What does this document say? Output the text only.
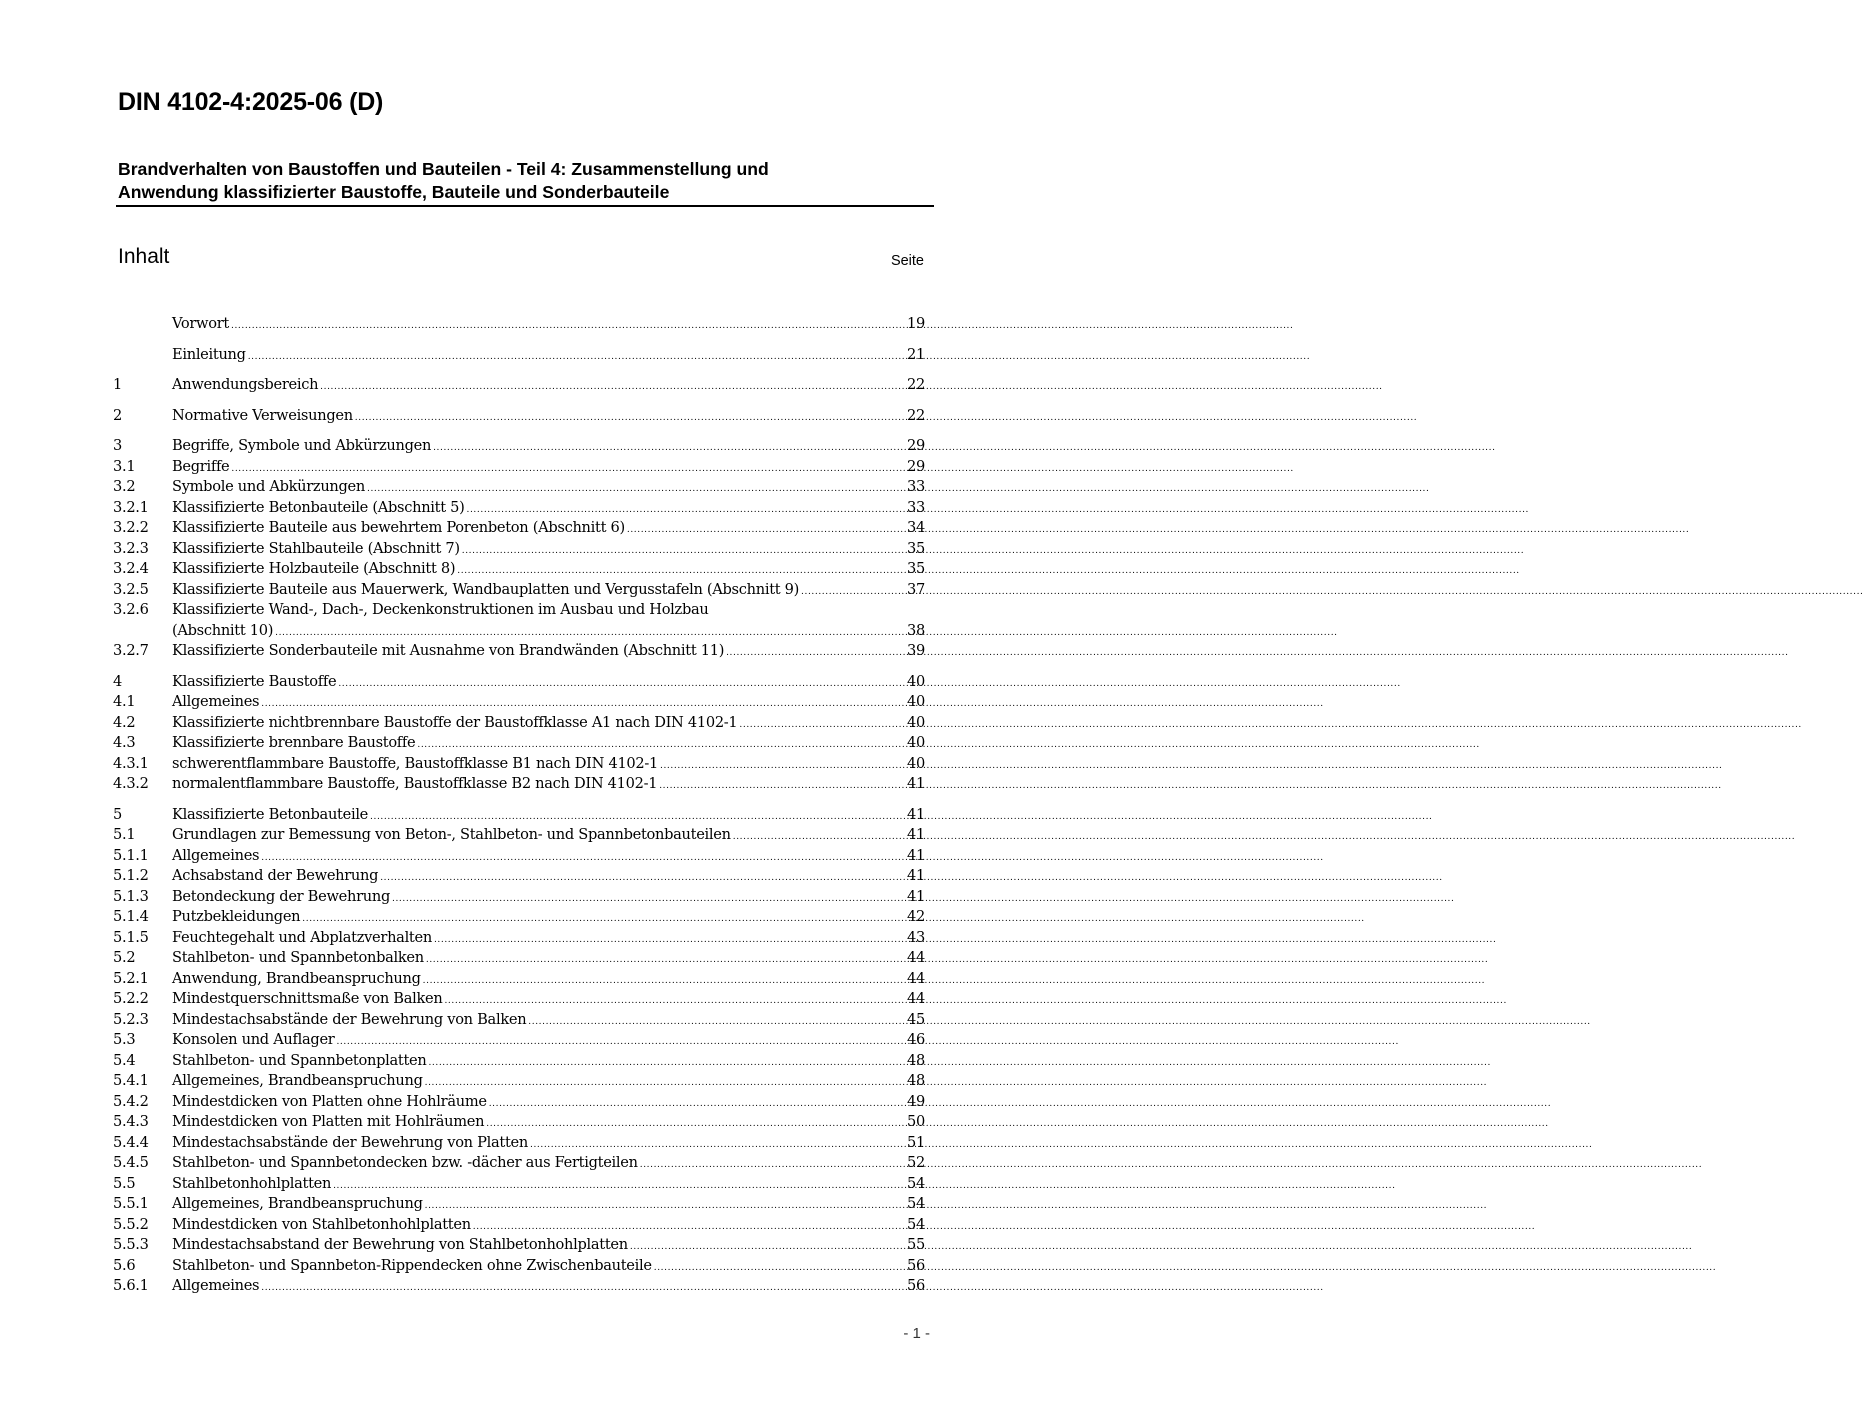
DIN 4102-4:2025-06 (D)
Brandverhalten von Baustoffen und Bauteilen - Teil 4: Zusammenstellung und
Anwendung klassifizierter Baustoffe, Bauteile und Sonderbauteile
Inhalt	Seite
Vorwort .....	19
Einleitung .....	21
1	Anwendungsbereich .....	22
2	Normative Verweisungen .....	22
3	Begriffe, Symbole und Abkürzungen .....	29
3.1	Begriffe .....	29
3.2	Symbole und Abkürzungen .....	33
3.2.1	Klassifizierte Betonbauteile (Abschnitt 5) .....	33
3.2.2	Klassifizierte Bauteile aus bewehrtem Porenbeton (Abschnitt 6) .....	34
3.2.3	Klassifizierte Stahlbauteile (Abschnitt 7) .....	35
3.2.4	Klassifizierte Holzbauteile (Abschnitt 8) .....	35
3.2.5	Klassifizierte Bauteile aus Mauerwerk, Wandbauplatten und Vergusstafeln (Abschnitt 9) .....	37
3.2.6	Klassifizierte Wand-, Dach-, Deckenkonstruktionen im Ausbau und Holzbau
(Abschnitt 10) .....	38
3.2.7	Klassifizierte Sonderbauteile mit Ausnahme von Brandwänden (Abschnitt 11) .....	39
4	Klassifizierte Baustoffe .....	40
4.1	Allgemeines .....	40
4.2	Klassifizierte nichtbrennbare Baustoffe der Baustoffklasse A1 nach DIN 4102-1 .....	40
4.3	Klassifizierte brennbare Baustoffe .....	40
4.3.1	schwerentflammbare Baustoffe, Baustoffklasse B1 nach DIN 4102-1 .....	40
4.3.2	normalentflammbare Baustoffe, Baustoffklasse B2 nach DIN 4102-1 .....	41
5	Klassifizierte Betonbauteile .....	41
5.1	Grundlagen zur Bemessung von Beton-, Stahlbeton- und Spannbetonbauteilen .....	41
5.1.1	Allgemeines .....	41
5.1.2	Achsabstand der Bewehrung .....	41
5.1.3	Betondeckung der Bewehrung .....	41
5.1.4	Putzbekleidungen .....	42
5.1.5	Feuchtegehalt und Abplatzverhalten .....	43
5.2	Stahlbeton- und Spannbetonbalken .....	44
5.2.1	Anwendung, Brandbeanspruchung .....	44
5.2.2	Mindestquerschnittsmaße von Balken .....	44
5.2.3	Mindestachsabstände der Bewehrung von Balken .....	45
5.3	Konsolen und Auflager .....	46
5.4	Stahlbeton- und Spannbetonplatten .....	48
5.4.1	Allgemeines, Brandbeanspruchung .....	48
5.4.2	Mindestdicken von Platten ohne Hohlräume .....	49
5.4.3	Mindestdicken von Platten mit Hohlräumen .....	50
5.4.4	Mindestachsabstände der Bewehrung von Platten .....	51
5.4.5	Stahlbeton- und Spannbetondecken bzw. -dächer aus Fertigteilen .....	52
5.5	Stahlbetonhohlplatten .....	54
5.5.1	Allgemeines, Brandbeanspruchung .....	54
5.5.2	Mindestdicken von Stahlbetonhohlplatten .....	54
5.5.3	Mindestachsabstand der Bewehrung von Stahlbetonhohlplatten .....	55
5.6	Stahlbeton- und Spannbeton-Rippendecken ohne Zwischenbauteile .....	56
5.6.1	Allgemeines .....	56
- 1 -
